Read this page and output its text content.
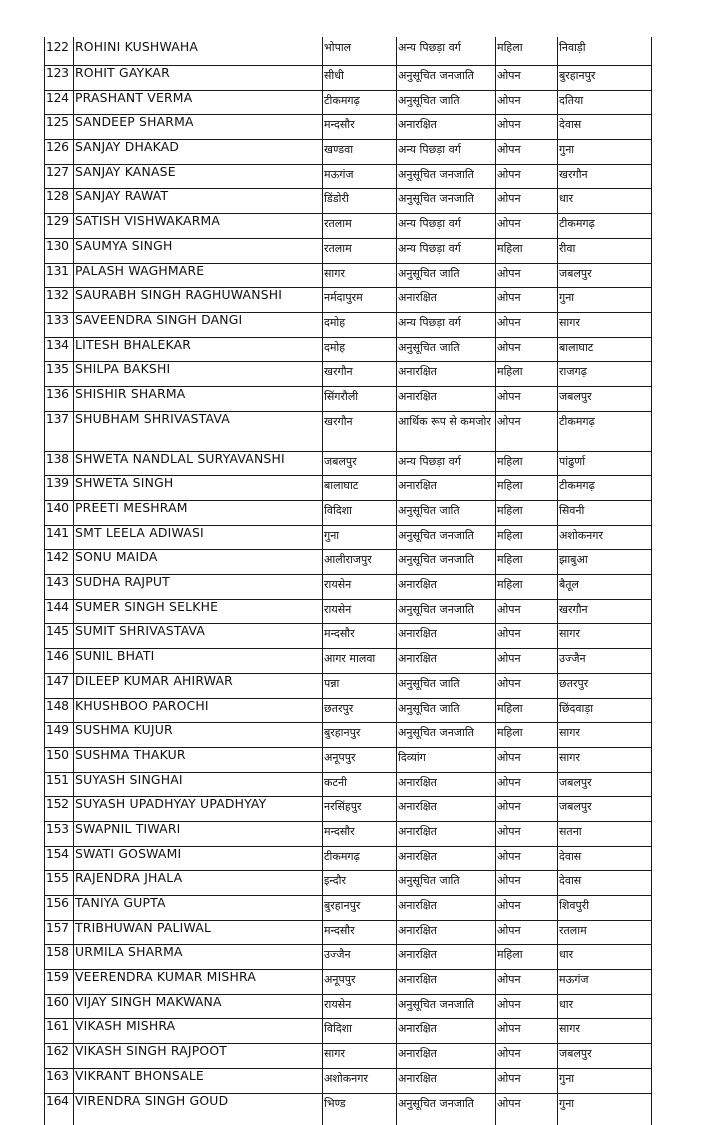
122	ROHINI KUSHWAHA	भोपाल	अन्य पिछड़ा वर्ग	महिला	निवाड़ी
123	ROHIT GAYKAR	सीधी	अनुसूचित जनजाति	ओपन	बुरहानपुर
124	PRASHANT VERMA	टीकमगढ़	अनुसूचित जाति	ओपन	दतिया
125	SANDEEP SHARMA	मन्दसौर	अनारक्षित	ओपन	देवास
126	SANJAY DHAKAD	खण्डवा	अन्य पिछड़ा वर्ग	ओपन	गुना
127	SANJAY KANASE	मऊगंज	अनुसूचित जनजाति	ओपन	खरगौन
128	SANJAY RAWAT	डिंडोरी	अनुसूचित जनजाति	ओपन	धार
129	SATISH VISHWAKARMA	रतलाम	अन्य पिछड़ा वर्ग	ओपन	टीकमगढ़
130	SAUMYA SINGH	रतलाम	अन्य पिछड़ा वर्ग	महिला	रीवा
131	PALASH WAGHMARE	सागर	अनुसूचित जाति	ओपन	जबलपुर
132	SAURABH SINGH RAGHUWANSHI	नर्मदापुरम	अनारक्षित	ओपन	गुना
133	SAVEENDRA SINGH DANGI	दमोह	अन्य पिछड़ा वर्ग	ओपन	सागर
134	LITESH BHALEKAR	दमोह	अनुसूचित जाति	ओपन	बालाघाट
135	SHILPA BAKSHI	खरगौन	अनारक्षित	महिला	राजगढ़
136	SHISHIR SHARMA	सिंगरौली	अनारक्षित	ओपन	जबलपुर
137	SHUBHAM SHRIVASTAVA	खरगौन	आर्थिक रूप से कमजोर	ओपन	टीकमगढ़
138	SHWETA NANDLAL SURYAVANSHI	जबलपुर	अन्य पिछड़ा वर्ग	महिला	पांढुर्णा
139	SHWETA SINGH	बालाघाट	अनारक्षित	महिला	टीकमगढ़
140	PREETI MESHRAM	विदिशा	अनुसूचित जाति	महिला	सिवनी
141	SMT LEELA ADIWASI	गुना	अनुसूचित जनजाति	महिला	अशोकनगर
142	SONU MAIDA	आलीराजपुर	अनुसूचित जनजाति	महिला	झाबुआ
143	SUDHA RAJPUT	रायसेन	अनारक्षित	महिला	बैतूल
144	SUMER SINGH SELKHE	रायसेन	अनुसूचित जनजाति	ओपन	खरगौन
145	SUMIT SHRIVASTAVA	मन्दसौर	अनारक्षित	ओपन	सागर
146	SUNIL BHATI	आगर मालवा	अनारक्षित	ओपन	उज्जैन
147	DILEEP KUMAR AHIRWAR	पन्ना	अनुसूचित जाति	ओपन	छतरपुर
148	KHUSHBOO PAROCHI	छतरपुर	अनुसूचित जाति	महिला	छिंदवाड़ा
149	SUSHMA KUJUR	बुरहानपुर	अनुसूचित जनजाति	महिला	सागर
150	SUSHMA THAKUR	अनूपपुर	दिव्यांग	ओपन	सागर
151	SUYASH SINGHAI	कटनी	अनारक्षित	ओपन	जबलपुर
152	SUYASH UPADHYAY UPADHYAY	नरसिंहपुर	अनारक्षित	ओपन	जबलपुर
153	SWAPNIL TIWARI	मन्दसौर	अनारक्षित	ओपन	सतना
154	SWATI GOSWAMI	टीकमगढ़	अनारक्षित	ओपन	देवास
155	RAJENDRA JHALA	इन्दौर	अनुसूचित जाति	ओपन	देवास
156	TANIYA GUPTA	बुरहानपुर	अनारक्षित	ओपन	शिवपुरी
157	TRIBHUWAN PALIWAL	मन्दसौर	अनारक्षित	ओपन	रतलाम
158	URMILA SHARMA	उज्जैन	अनारक्षित	महिला	धार
159	VEERENDRA KUMAR MISHRA	अनूपपुर	अनारक्षित	ओपन	मऊगंज
160	VIJAY SINGH MAKWANA	रायसेन	अनुसूचित जनजाति	ओपन	धार
161	VIKASH MISHRA	विदिशा	अनारक्षित	ओपन	सागर
162	VIKASH SINGH RAJPOOT	सागर	अनारक्षित	ओपन	जबलपुर
163	VIKRANT BHONSALE	अशोकनगर	अनारक्षित	ओपन	गुना
164	VIRENDRA SINGH GOUD	भिण्ड	अनुसूचित जनजाति	ओपन	गुना
